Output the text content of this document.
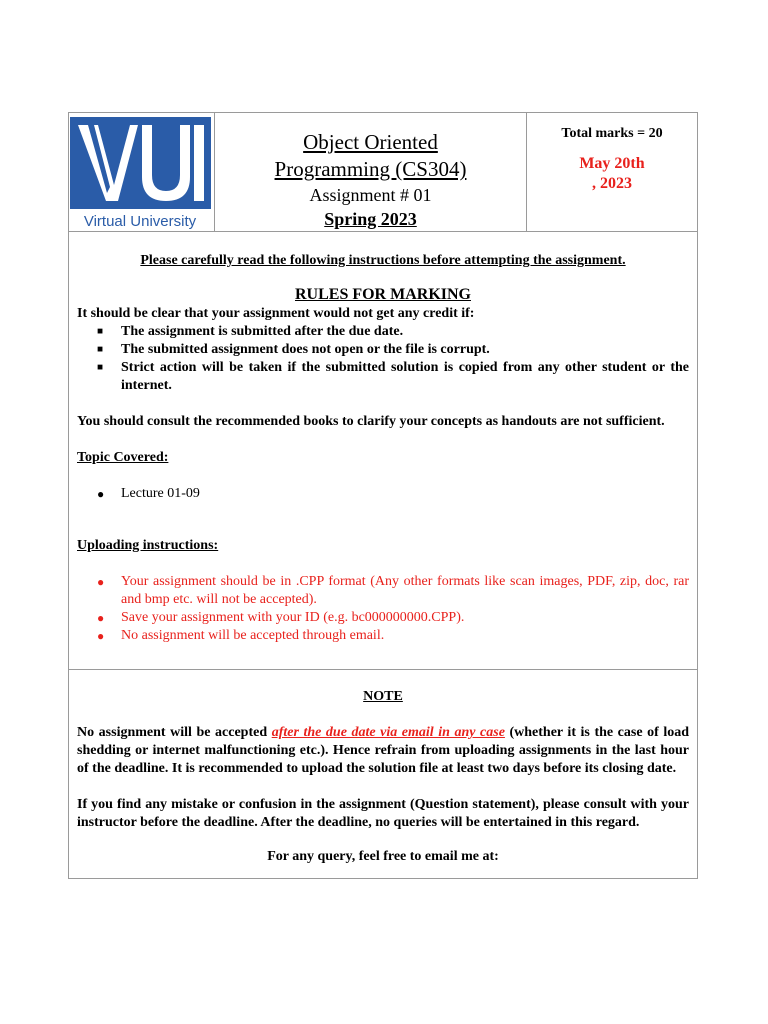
Virtual University
Object Oriented
Programming (CS304)
Assignment # 01
Spring 2023
Total marks = 20
May 20th
, 2023
Please carefully read the following instructions before attempting the assignment.
RULES FOR MARKING
It should be clear that your assignment would not get any credit if:
■ The assignment is submitted after the due date.
■ The submitted assignment does not open or the file is corrupt.
■ Strict action will be taken if the submitted solution is copied from any other student or the internet.
You should consult the recommended books to clarify your concepts as handouts are not sufficient.
Topic Covered:
● Lecture 01-09
Uploading instructions:
● Your assignment should be in .CPP format (Any other formats like scan images, PDF, zip, doc, rar and bmp etc. will not be accepted).
● Save your assignment with your ID (e.g. bc000000000.CPP).
● No assignment will be accepted through email.
NOTE
No assignment will be accepted after the due date via email in any case (whether it is the case of load shedding or internet malfunctioning etc.). Hence refrain from uploading assignments in the last hour of the deadline. It is recommended to upload the solution file at least two days before its closing date.
If you find any mistake or confusion in the assignment (Question statement), please consult with your instructor before the deadline. After the deadline, no queries will be entertained in this regard.
For any query, feel free to email me at:
